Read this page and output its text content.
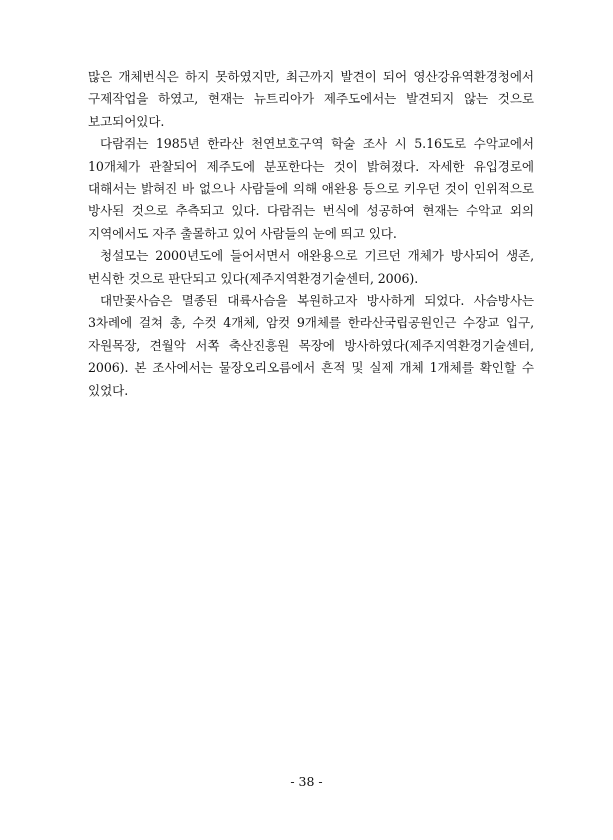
많은 개체번식은 하지 못하였지만, 최근까지 발견이 되어 영산강유역환경청에서 구제작업을 하였고, 현재는 뉴트리아가 제주도에서는 발견되지 않는 것으로 보고되어있다.

다람쥐는 1985년 한라산 천연보호구역 학술 조사 시 5.16도로 수악교에서 10개체가 관찰되어 제주도에 분포한다는 것이 밝혀졌다. 자세한 유입경로에 대해서는 밝혀진 바 없으나 사람들에 의해 애완용 등으로 키우던 것이 인위적으로 방사된 것으로 추측되고 있다. 다람쥐는 번식에 성공하여 현재는 수악교 외의 지역에서도 자주 출몰하고 있어 사람들의 눈에 띄고 있다.

청설모는 2000년도에 들어서면서 애완용으로 기르던 개체가 방사되어 생존, 번식한 것으로 판단되고 있다(제주지역환경기술센터, 2006).

대만꽃사슴은 멸종된 대륙사슴을 복원하고자 방사하게 되었다. 사슴방사는 3차례에 걸쳐 총, 수컷 4개체, 암컷 9개체를 한라산국립공원인근 수장교 입구, 자원목장, 견월악 서쪽 축산진흥원 목장에 방사하였다(제주지역환경기술센터, 2006). 본 조사에서는 물장오리오름에서 흔적 및 실제 개체 1개체를 확인할 수 있었다.

- 38 -
